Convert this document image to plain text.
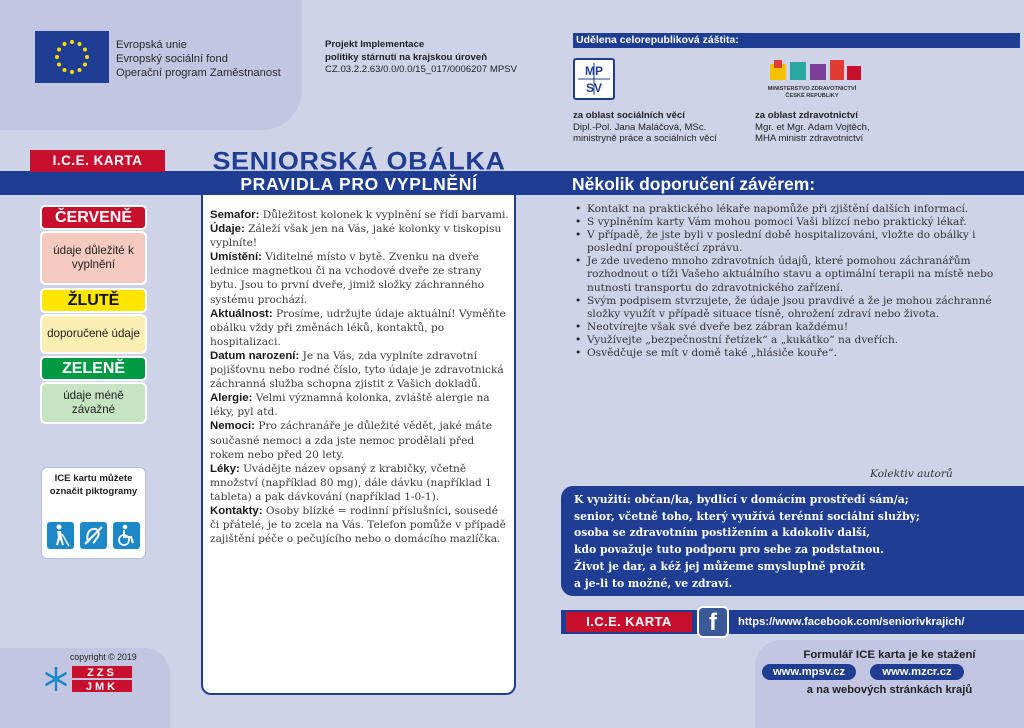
Evropská unie
Evropský sociální fond
Operační program Zaměstnanost
Projekt Implementace
politiky stárnutí na krajskou úroveň
CZ.03.2.2.63/0.0/0.0/15_017/0006207 MPSV
Udělena celorepubliková záštita:
MP
SV	MINISTERSTVO ZDRAVOTNICTVÍ
ČESKÉ REPUBLIKY
za oblast sociálních věcí
Dipl.-Pol. Jana Maláčová, MSc.
ministryně práce a sociálních věcí
za oblast zdravotnictví
Mgr. et Mgr. Adam Vojtěch,
MHA ministr zdravotnictví
I.C.E. KARTA	SENIORSKÁ OBÁLKA
PRAVIDLA PRO VYPLNĚNÍ	Několik doporučení závěrem:
ČERVENĚ
údaje důležité k vyplnění
ŽLUTĚ
doporučené údaje
ZELENĚ
údaje méně závažné
ICE kartu můžete označit piktogramy
copyright © 2019
ZZS
JMK

Semafor: Důležitost kolonek k vyplnění se řídí barvami.

Údaje: Záleží však jen na Vás, jaké kolonky v tiskopisu vyplníte!

Umístění: Viditelné místo v bytě. Zvenku na dveře lednice magnetkou či na vchodové dveře ze strany bytu. Jsou to první dveře, jimiž složky záchranného systému prochází.

Aktuálnost: Prosíme, udržujte údaje aktuální! Vyměňte obálku vždy při změnách léků, kontaktů, po hospitalizaci.

Datum narození: Je na Vás, zda vyplníte zdravotní pojišťovnu nebo rodné číslo, tyto údaje je zdravotnická záchranná služba schopna zjistit z Vašich dokladů.

Alergie: Velmi významná kolonka, zvláště alergie na léky, pyl atd.

Nemoci: Pro záchranáře je důležité vědět, jaké máte současné nemoci a zda jste nemoc prodělali před rokem nebo před 20 lety.

Léky: Uvádějte název opsaný z krabičky, včetně množství (například 80 mg), dále dávku (například 1 tableta) a pak dávkování (například 1-0-1).

Kontakty: Osoby blízké = rodinní příslušníci, sousedé či přátelé, je to zcela na Vás. Telefon pomůže v případě zajištění péče o pečujícího nebo o domácího mazlíčka.

• Kontakt na praktického lékaře napomůže při zjištění dalších informací.
• S vyplněním karty Vám mohou pomoci Vaši blízcí nebo praktický lékař.
• V případě, že jste byli v poslední době hospitalizováni, vložte do obálky i poslední propouštěcí zprávu.
• Je zde uvedeno mnoho zdravotních údajů, které pomohou záchranářům rozhodnout o tíži Vašeho aktuálního stavu a optimální terapii na místě nebo nutnosti transportu do zdravotnického zařízení.
• Svým podpisem stvrzujete, že údaje jsou pravdivé a že je mohou záchranné složky využít v případě situace tísně, ohrožení zdraví nebo života.
• Neotvírejte však své dveře bez zábran každému!
• Využívejte „bezpečnostní řetízek“ a „kukátko“ na dveřích.
• Osvědčuje se mít v domě také „hlásiče kouře“.
Kolektiv autorů
K využití: občan/ka, bydlící v domácím prostředí sám/a;
senior, včetně toho, který využívá terénní sociální služby;
osoba se zdravotním postižením a kdokoliv další,
kdo považuje tuto podporu pro sebe za podstatnou.
Život je dar, a kéž jej můžeme smysluplně prožít
a je-li to možné, ve zdraví.
I.C.E. KARTA	f	https://www.facebook.com/seniorivkrajich/
Formulář ICE karta je ke stažení
www.mpsv.cz	www.mzcr.cz
a na webových stránkách krajů
